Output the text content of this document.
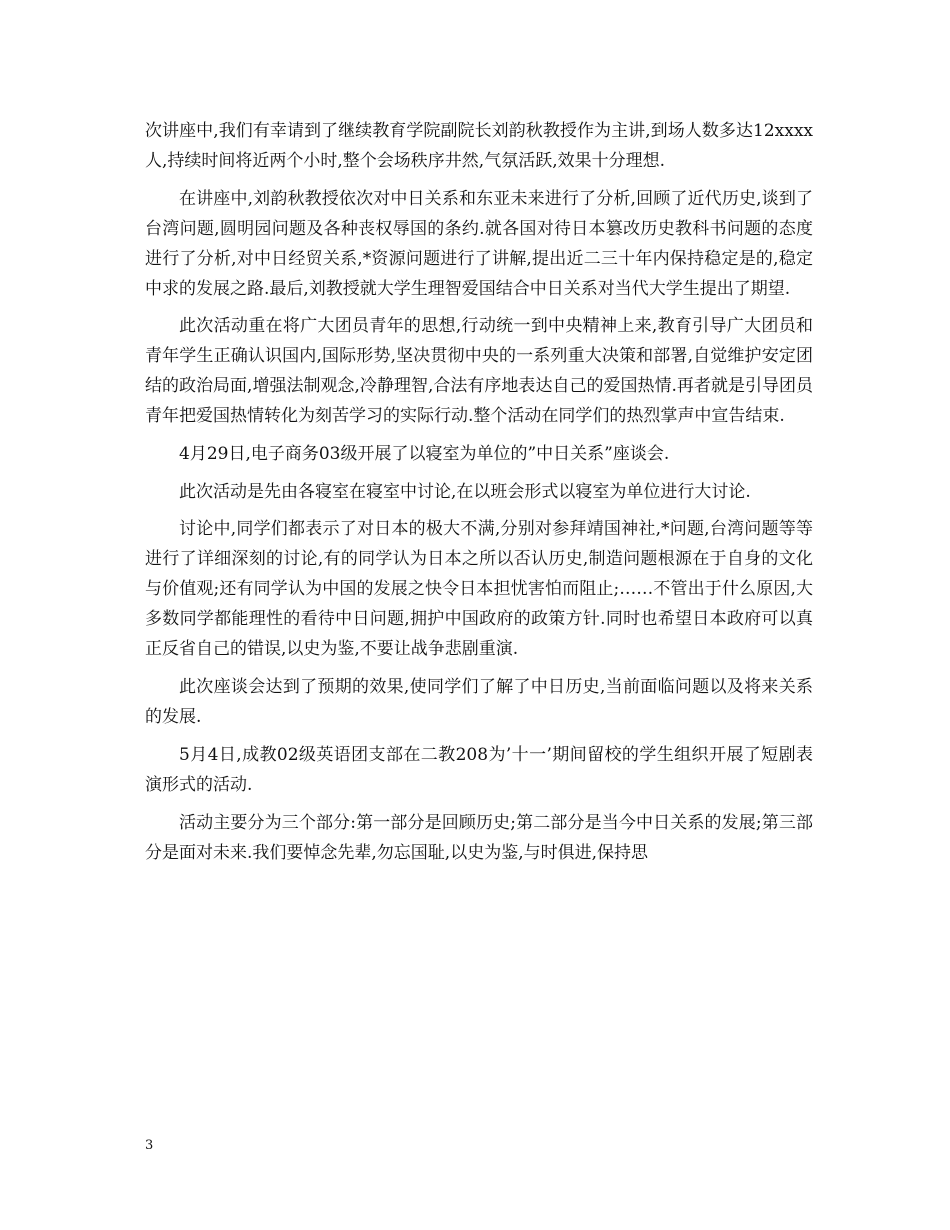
次讲座中,我们有幸请到了继续教育学院副院长刘韵秋教授作为主讲,到场人数多达12xxxx人,持续时间将近两个小时,整个会场秩序井然,气氛活跃,效果十分理想.

在讲座中,刘韵秋教授依次对中日关系和东亚未来进行了分析,回顾了近代历史,谈到了台湾问题,圆明园问题及各种丧权辱国的条约.就各国对待日本篡改历史教科书问题的态度进行了分析,对中日经贸关系,*资源问题进行了讲解,提出近二三十年内保持稳定是的,稳定中求的发展之路.最后,刘教授就大学生理智爱国结合中日关系对当代大学生提出了期望.

此次活动重在将广大团员青年的思想,行动统一到中央精神上来,教育引导广大团员和青年学生正确认识国内,国际形势,坚决贯彻中央的一系列重大决策和部署,自觉维护安定团结的政治局面,增强法制观念,冷静理智,合法有序地表达自己的爱国热情.再者就是引导团员青年把爱国热情转化为刻苦学习的实际行动.整个活动在同学们的热烈掌声中宣告结束.

4月29日,电子商务03级开展了以寝室为单位的”中日关系”座谈会.

此次活动是先由各寝室在寝室中讨论,在以班会形式以寝室为单位进行大讨论.

讨论中,同学们都表示了对日本的极大不满,分别对参拜靖国神社,*问题,台湾问题等等进行了详细深刻的讨论,有的同学认为日本之所以否认历史,制造问题根源在于自身的文化与价值观;还有同学认为中国的发展之快令日本担忧害怕而阻止;……不管出于什么原因,大多数同学都能理性的看待中日问题,拥护中国政府的政策方针.同时也希望日本政府可以真正反省自己的错误,以史为鉴,不要让战争悲剧重演.

此次座谈会达到了预期的效果,使同学们了解了中日历史,当前面临问题以及将来关系的发展.

5月4日,成教02级英语团支部在二教208为’十一’期间留校的学生组织开展了短剧表演形式的活动.

活动主要分为三个部分:第一部分是回顾历史;第二部分是当今中日关系的发展;第三部分是面对未来.我们要悼念先辈,勿忘国耻,以史为鉴,与时俱进,保持思

3
